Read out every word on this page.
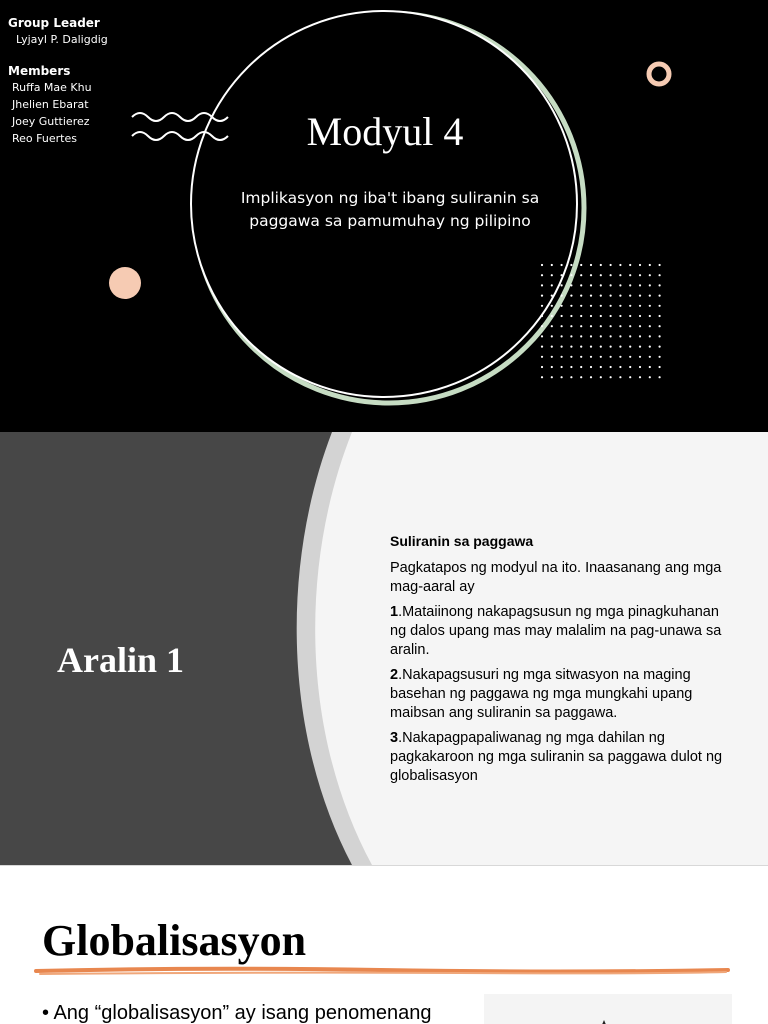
Group Leader
Lyjayl P. Daligdig
Members
Ruffa Mae Khu
Jhelien Ebarat
Joey Guttierez
Reo Fuertes	Modyul 4
Implikasyon ng iba't ibang suliranin sa
paggawa sa pamumuhay ng pilipino
Aralin 1
Suliranin sa paggawa

Pagkatapos ng modyul na ito. Inaasanang ang mga mag-aaral ay

1.Mataiinong nakapagsusun ng mga pinagkuhanan ng dalos upang mas may malalim na pag-unawa sa aralin.

2.Nakapagsusuri ng mga sitwasyon na maging basehan ng paggawa ng mga mungkahi upang maibsan ang suliranin sa paggawa.

3.Nakapagpapaliwanag ng mga dahilan ng pagkakaroon ng mga suliranin sa paggawa dulot ng globalisasyon

Globalisasyon
• Ang “globalisasyon” ay isang penomenang
